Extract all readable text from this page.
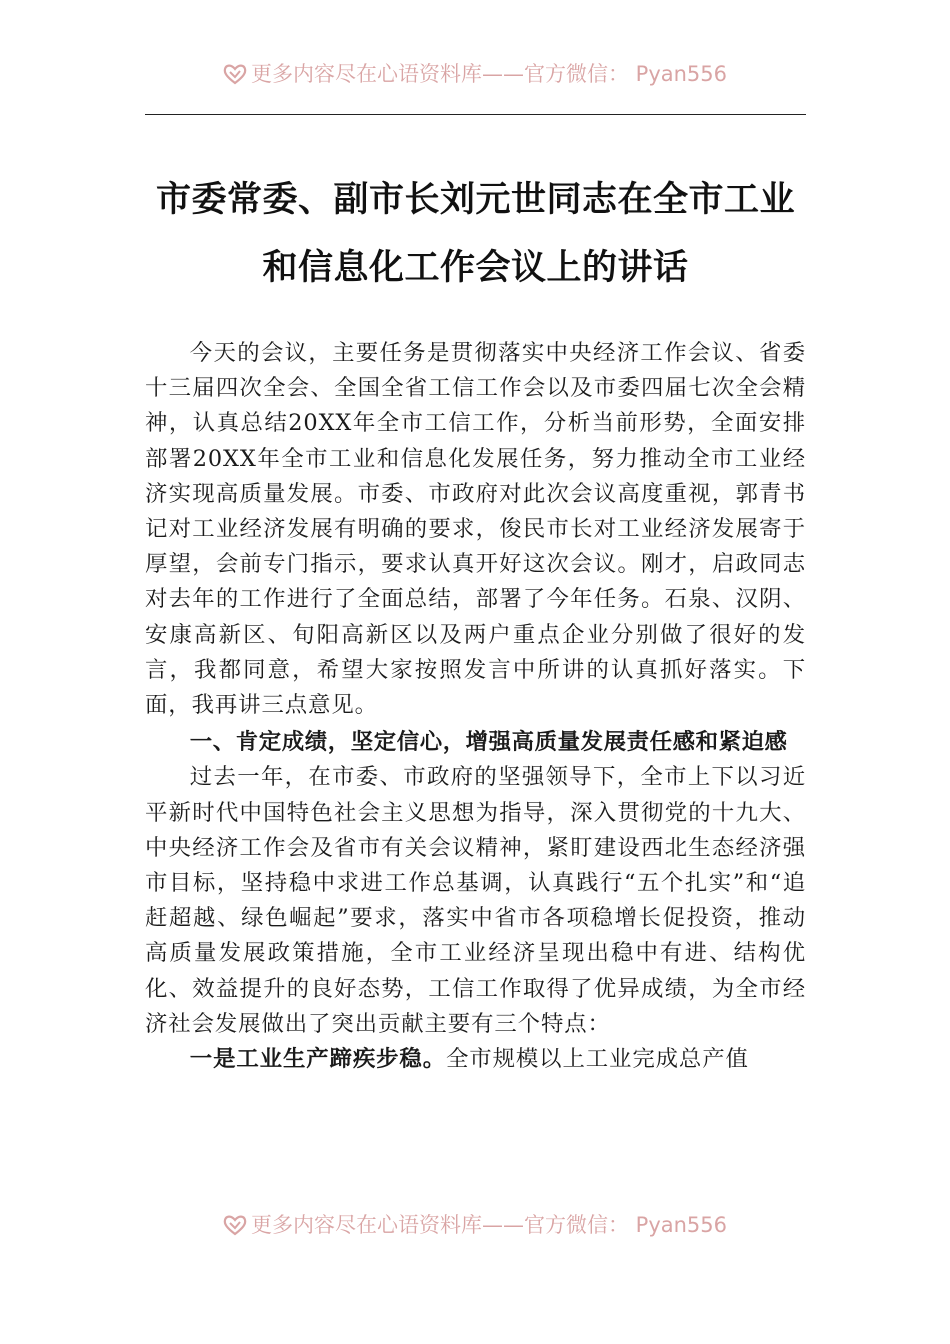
更多内容尽在心语资料库——官方微信： Pyan556
市委常委、副市长刘元世同志在全市工业
和信息化工作会议上的讲话

今天的会议，主要任务是贯彻落实中央经济工作会议、省委十三届四次全会、全国全省工信工作会以及市委四届七次全会精神，认真总结20XX年全市工信工作，分析当前形势，全面安排部署20XX年全市工业和信息化发展任务，努力推动全市工业经济实现高质量发展。市委、市政府对此次会议高度重视，郭青书记对工业经济发展有明确的要求，俊民市长对工业经济发展寄于厚望，会前专门指示，要求认真开好这次会议。刚才，启政同志对去年的工作进行了全面总结，部署了今年任务。石泉、汉阴、安康高新区、旬阳高新区以及两户重点企业分别做了很好的发言，我都同意，希望大家按照发言中所讲的认真抓好落实。下面，我再讲三点意见。

一、肯定成绩，坚定信心，增强高质量发展责任感和紧迫感

过去一年，在市委、市政府的坚强领导下，全市上下以习近平新时代中国特色社会主义思想为指导，深入贯彻党的十九大、中央经济工作会及省市有关会议精神，紧盯建设西北生态经济强市目标，坚持稳中求进工作总基调，认真践行“五个扎实”和“追赶超越、绿色崛起”要求，落实中省市各项稳增长促投资，推动高质量发展政策措施，全市工业经济呈现出稳中有进、结构优化、效益提升的良好态势，工信工作取得了优异成绩，为全市经济社会发展做出了突出贡献主要有三个特点：

一是工业生产蹄疾步稳。全市规模以上工业完成总产值

更多内容尽在心语资料库——官方微信： Pyan556
